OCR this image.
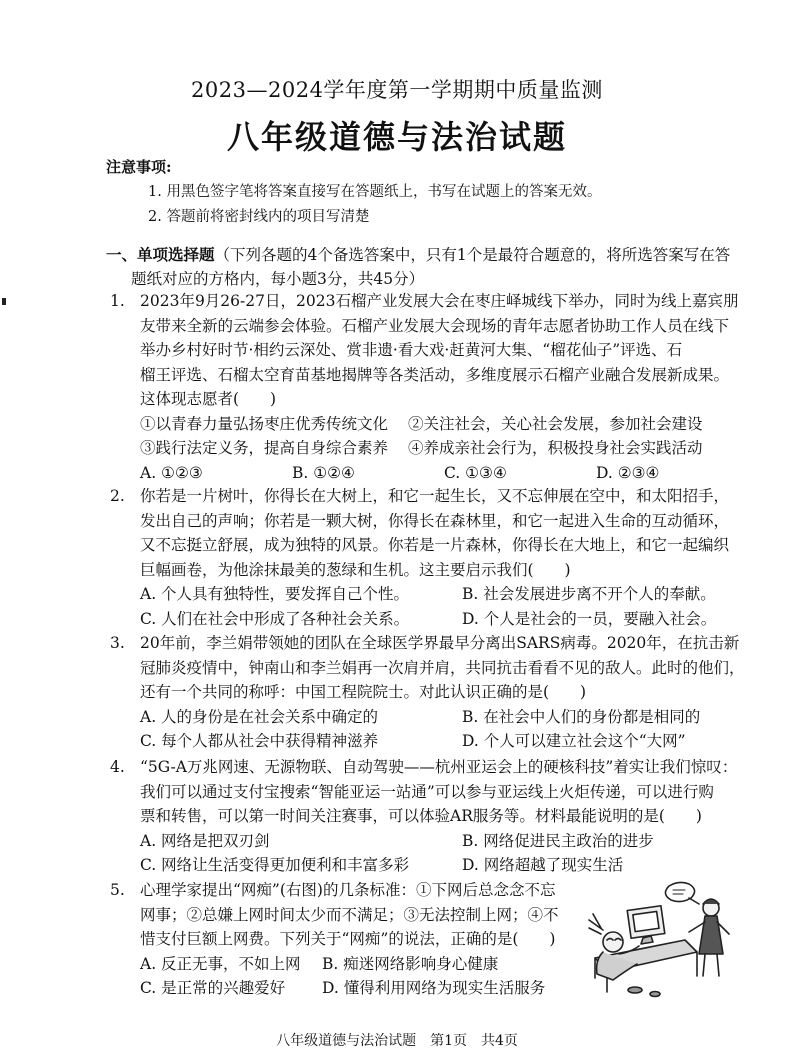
2023—2024学年度第一学期期中质量监测
八年级道德与法治试题
注意事项:
1. 用黑色签字笔将答案直接写在答题纸上，书写在试题上的答案无效。
2. 答题前将密封线内的项目写清楚
一、单项选择题（下列各题的4个备选答案中，只有1个是最符合题意的，将所选答案写在答
题纸对应的方格内，每小题3分，共45分）
1. 2023年9月26-27日，2023石榴产业发展大会在枣庄峄城线下举办，同时为线上嘉宾朋
友带来全新的云端参会体验。石榴产业发展大会现场的青年志愿者协助工作人员在线下
举办乡村好时节·相约云深处、赏非遗·看大戏·赶黄河大集、“榴花仙子”评选、石
榴王评选、石榴太空育苗基地揭牌等各类活动，多维度展示石榴产业融合发展新成果。
这体现志愿者(　　)
①以青春力量弘扬枣庄优秀传统文化	②关注社会，关心社会发展，参加社会建设
③践行法定义务，提高自身综合素养	④养成亲社会行为，积极投身社会实践活动
A. ①②③	B. ①②④	C. ①③④	D. ②③④
2. 你若是一片树叶，你得长在大树上，和它一起生长，又不忘伸展在空中，和太阳招手，
发出自己的声响；你若是一颗大树，你得长在森林里，和它一起进入生命的互动循环，
又不忘挺立舒展，成为独特的风景。你若是一片森林，你得长在大地上，和它一起编织
巨幅画卷，为他涂抹最美的葱绿和生机。这主要启示我们(　　)
A. 个人具有独特性，要发挥自己个性。	B. 社会发展进步离不开个人的奉献。
C. 人们在社会中形成了各种社会关系。	D. 个人是社会的一员，要融入社会。
3. 20年前，李兰娟带领她的团队在全球医学界最早分离出SARS病毒。2020年，在抗击新
冠肺炎疫情中，钟南山和李兰娟再一次肩并肩，共同抗击看看不见的敌人。此时的他们，
还有一个共同的称呼：中国工程院院士。对此认识正确的是(　　)
A. 人的身份是在社会关系中确定的	B. 在社会中人们的身份都是相同的
C. 每个人都从社会中获得精神滋养	D. 个人可以建立社会这个“大网”
4. “5G-A万兆网速、无源物联、自动驾驶——杭州亚运会上的硬核科技”着实让我们惊叹：
我们可以通过支付宝搜索“智能亚运一站通”可以参与亚运线上火炬传递，可以进行购
票和转售，可以第一时间关注赛事，可以体验AR服务等。材料最能说明的是(　　)
A. 网络是把双刃剑	B. 网络促进民主政治的进步
C. 网络让生活变得更加便利和丰富多彩	D. 网络超越了现实生活
5. 心理学家提出“网痴”(右图)的几条标准：①下网后总念念不忘
网事；②总嫌上网时间太少而不满足；③无法控制上网；④不
惜支付巨额上网费。下列关于“网痴”的说法，正确的是(　　)
A. 反正无事，不如上网	B. 痴迷网络影响身心健康
C. 是正常的兴趣爱好	D. 懂得利用网络为现实生活服务
八年级道德与法治试题　第1页　共4页
